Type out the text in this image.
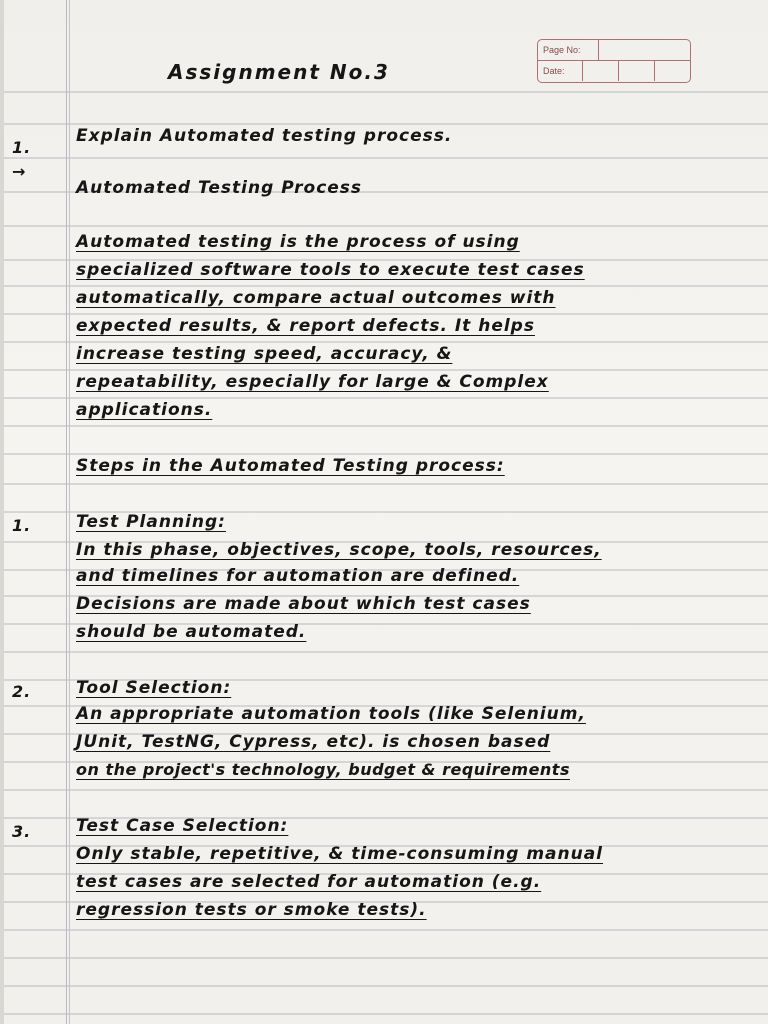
Page No:
Date:
Assignment No.3
1.
→
Explain Automated testing process.
Automated Testing Process
Automated testing is the process of using
specialized software tools to execute test cases
automatically, compare actual outcomes with
expected results, & report defects. It helps
increase testing speed, accuracy, &
repeatability, especially for large & Complex
applications.
Steps in the Automated Testing process:
1.	Test Planning:
In this phase, objectives, scope, tools, resources,
and timelines for automation are defined.
Decisions are made about which test cases
should be automated.
2.	Tool Selection:
An appropriate automation tools (like Selenium,
JUnit, TestNG, Cypress, etc). is chosen based
on the project's technology, budget & requirements
3.	Test Case Selection:
Only stable, repetitive, & time-consuming manual
test cases are selected for automation (e.g.
regression tests or smoke tests).
